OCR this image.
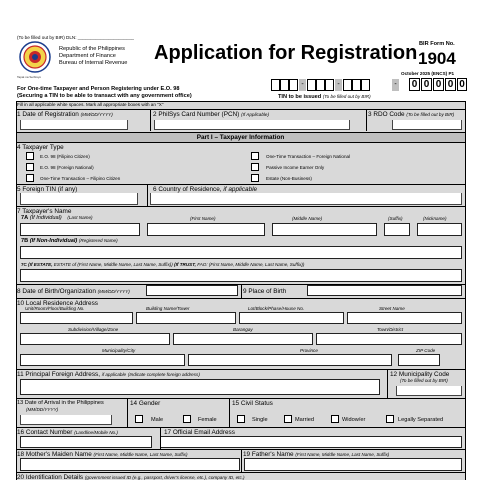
(To be filled out by BIR) DLN: ______________________
Tapat na Serbisyo
Republic of the Philippines
Department of Finance
Bureau of Internal Revenue Application for Registration BIR Form No.
1904
October 2025 (ENCS) P1
For One-time Taxpayer and Person Registering under E.O. 98
(Securing a TIN to be able to transact with any government office)
-	-	- 0 0 0 0 0
TIN to be issued (To be filled out by BIR)
Fill in all applicable white spaces. Mark all appropriate boxes with an "X"
1 Date of Registration (MM/DD/YYYY)	2 PhilSys Card Number (PCN) (If Applicable)	3 RDO Code (To be filled out by BIR)
Part I – Taxpayer Information
4 Taxpayer Type
E.O. 98 (Filipino Citizen)
E.O. 98 (Foreign National)
One-Time Transaction – Filipino Citizen
One-Time Transaction – Foreign National
Passive Income Earner Only
Estate (Non-Business)
5 Foreign TIN (if any)	6 Country of Residence, if applicable
7 Taxpayer's Name
7A (If Individual) (Last Name)	(First Name)	(Middle Name)	(Suffix)	(Nickname)
7B (If Non-Individual) (Registered Name)
7C (If ESTATE, ESTATE of (First Name, Middle Name, Last Name, Suffix)) (If TRUST, FAO: (First Name, Middle Name, Last Name, Suffix))
8 Date of Birth/Organization (MM/DD/YYYY)	9 Place of Birth
10 Local Residence Address
Unit/Room/Floor/Building No.	Building Name/Tower	Lot/Block/Phase/House No.	Street Name
Subdivision/Village/Zone	Barangay	Town/District
Municipality/City	Province	ZIP Code
11 Principal Foreign Address, if applicable (Indicate complete foreign address)	12 Municipality Code
(To be filled out by BIR)
13 Date of Arrival in the Philippines
(MM/DD/YYYY)
14 Gender	15 Civil Status
Male	Female	Single	Married	Widow/er	Legally Separated
16 Contact Number (Landline/Mobile No.)	17 Official Email Address
18 Mother's Maiden Name (First Name, Middle Name, Last Name, Suffix)	19 Father's Name (First Name, Middle Name, Last Name, Suffix)
20 Identification Details (government issued ID (e.g., passport, driver's license, etc.), company ID, etc.)
